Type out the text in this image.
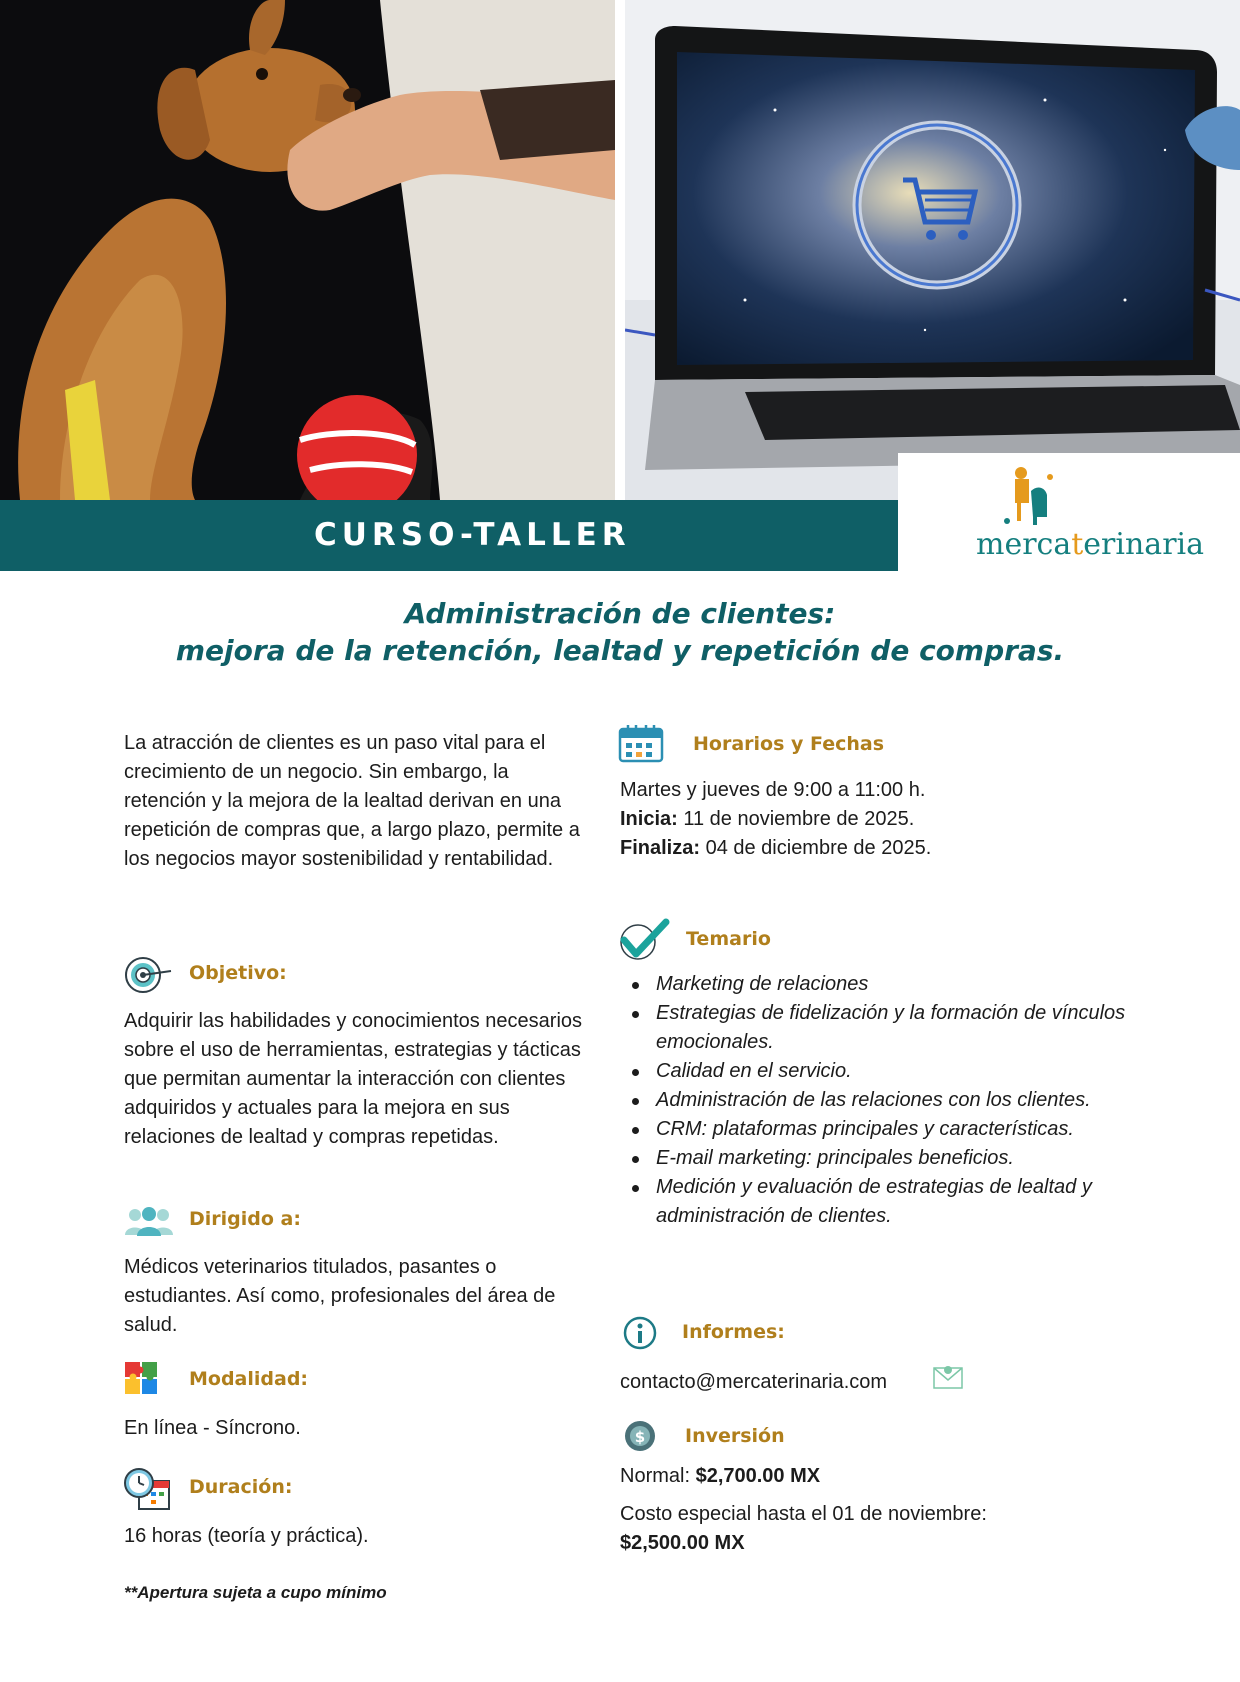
CURSO-TALLER	mercaterinaria
Administración de clientes:
mejora de la retención, lealtad y repetición de compras.
La atracción de clientes es un paso vital para el crecimiento de un negocio. Sin embargo, la retención y la mejora de la lealtad derivan en una repetición de compras que, a largo plazo, permite a los negocios mayor sostenibilidad y rentabilidad.
Objetivo:
Adquirir las habilidades y conocimientos necesarios sobre el uso de herramientas, estrategias y tácticas que permitan aumentar la interacción con clientes adquiridos y actuales para la mejora en sus relaciones de lealtad y compras repetidas.
Dirigido a:
Médicos veterinarios titulados, pasantes o estudiantes. Así como, profesionales del área de salud.
Modalidad:
En línea - Síncrono.
Duración:
16 horas (teoría y práctica).
**Apertura sujeta a cupo mínimo
Horarios y Fechas
Martes y jueves de 9:00 a 11:00 h.
Inicia: 11 de noviembre de 2025.
Finaliza: 04 de diciembre de 2025.
Temario
Marketing de relaciones
Estrategias de fidelización y la formación de vínculos emocionales.
Calidad en el servicio.
Administración de las relaciones con los clientes.
CRM: plataformas principales y características.
E-mail marketing: principales beneficios.
Medición y evaluación de estrategias de lealtad y administración de clientes.
Informes:
contacto@mercaterinaria.com
$ Inversión
Normal: $2,700.00 MX
Costo especial hasta el 01 de noviembre:
$2,500.00 MX
